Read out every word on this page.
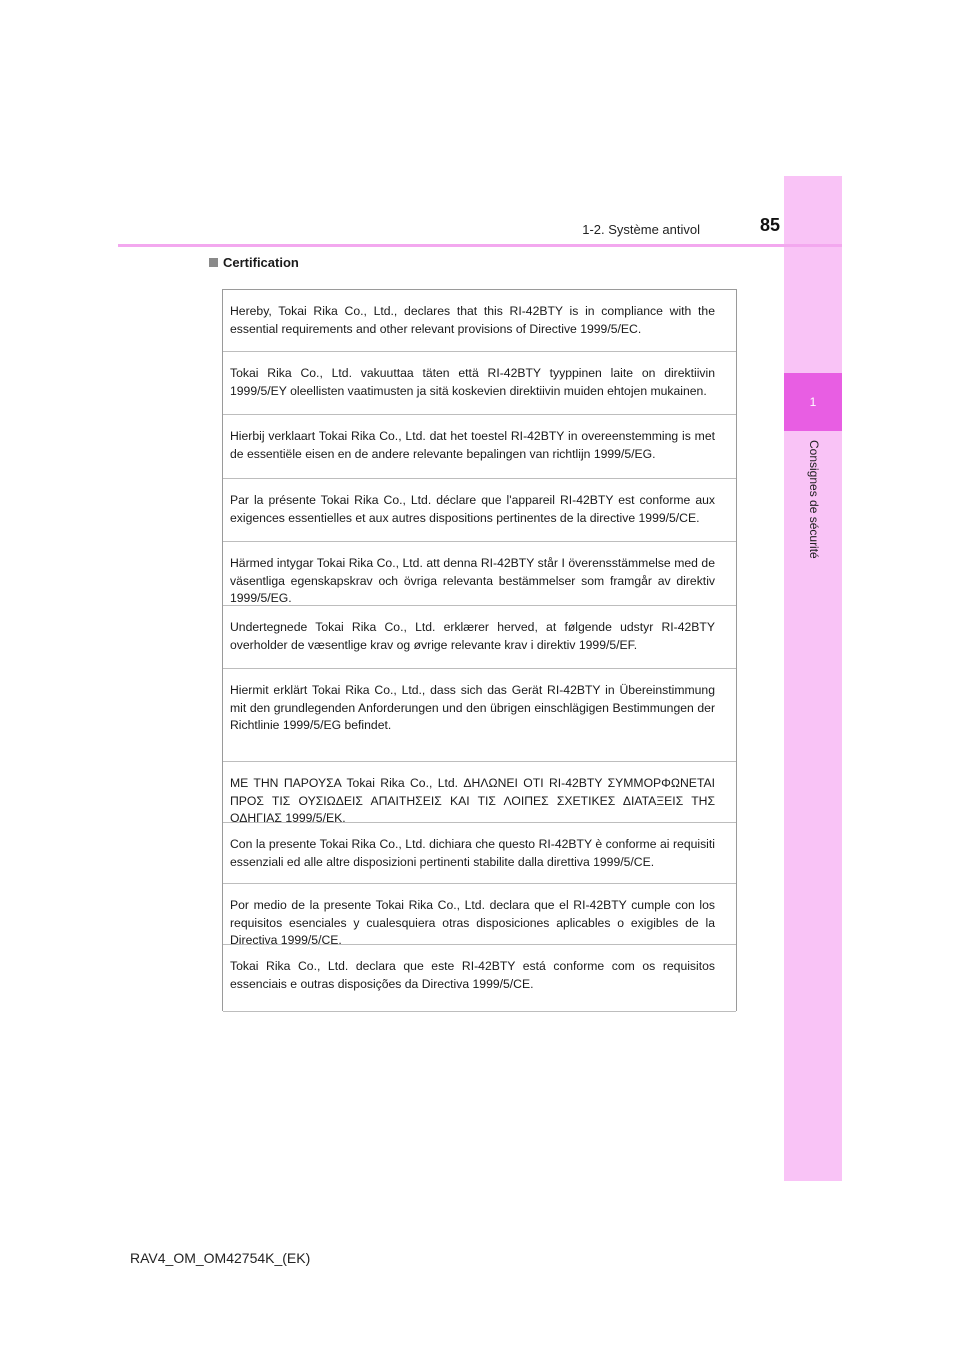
1
Consignes de sécurité
1-2. Système antivol	85
Certification

Hereby, Tokai Rika Co., Ltd., declares that this RI-42BTY is in compliance with the essential requirements and other relevant provisions of Directive 1999/5/EC.

Tokai Rika Co., Ltd. vakuuttaa täten että RI-42BTY tyyppinen laite on direktiivin 1999/5/EY oleellisten vaatimusten ja sitä koskevien direktiivin muiden ehtojen mukainen.

Hierbij verklaart Tokai Rika Co., Ltd. dat het toestel RI-42BTY in overeenstemming is met de essentiële eisen en de andere relevante bepalingen van richtlijn 1999/5/EG.

Par la présente Tokai Rika Co., Ltd. déclare que l'appareil RI-42BTY est conforme aux exigences essentielles et aux autres dispositions pertinentes de la directive 1999/5/CE.

Härmed intygar Tokai Rika Co., Ltd. att denna RI-42BTY står I överensstämmelse med de väsentliga egenskapskrav och övriga relevanta bestämmelser som framgår av direktiv 1999/5/EG.

Undertegnede Tokai Rika Co., Ltd. erklærer herved, at følgende udstyr RI-42BTY overholder de væsentlige krav og øvrige relevante krav i direktiv 1999/5/EF.

Hiermit erklärt Tokai Rika Co., Ltd., dass sich das Gerät RI-42BTY in Übereinstimmung mit den grundlegenden Anforderungen und den übrigen einschlägigen Bestimmungen der Richtlinie 1999/5/EG befindet.

ΜΕ ΤΗΝ ΠΑΡΟΥΣΑ Tokai Rika Co., Ltd. ΔΗΛΩΝΕΙ ΟΤΙ RI-42BTY ΣΥΜΜΟΡΦΩΝΕΤΑΙ ΠΡΟΣ ΤΙΣ ΟΥΣΙΩΔΕΙΣ ΑΠΑΙΤΗΣΕΙΣ ΚΑΙ ΤΙΣ ΛΟΙΠΕΣ ΣΧΕΤΙΚΕΣ ΔΙΑΤΑΞΕΙΣ ΤΗΣ ΟΔΗΓΙΑΣ 1999/5/ΕΚ.

Con la presente Tokai Rika Co., Ltd. dichiara che questo RI-42BTY è conforme ai requisiti essenziali ed alle altre disposizioni pertinenti stabilite dalla direttiva 1999/5/CE.

Por medio de la presente Tokai Rika Co., Ltd. declara que el RI-42BTY cumple con los requisitos esenciales y cualesquiera otras disposiciones aplicables o exigibles de la Directiva 1999/5/CE.

Tokai Rika Co., Ltd. declara que este RI-42BTY está conforme com os requisitos essenciais e outras disposições da Directiva 1999/5/CE.

RAV4_OM_OM42754K_(EK)
